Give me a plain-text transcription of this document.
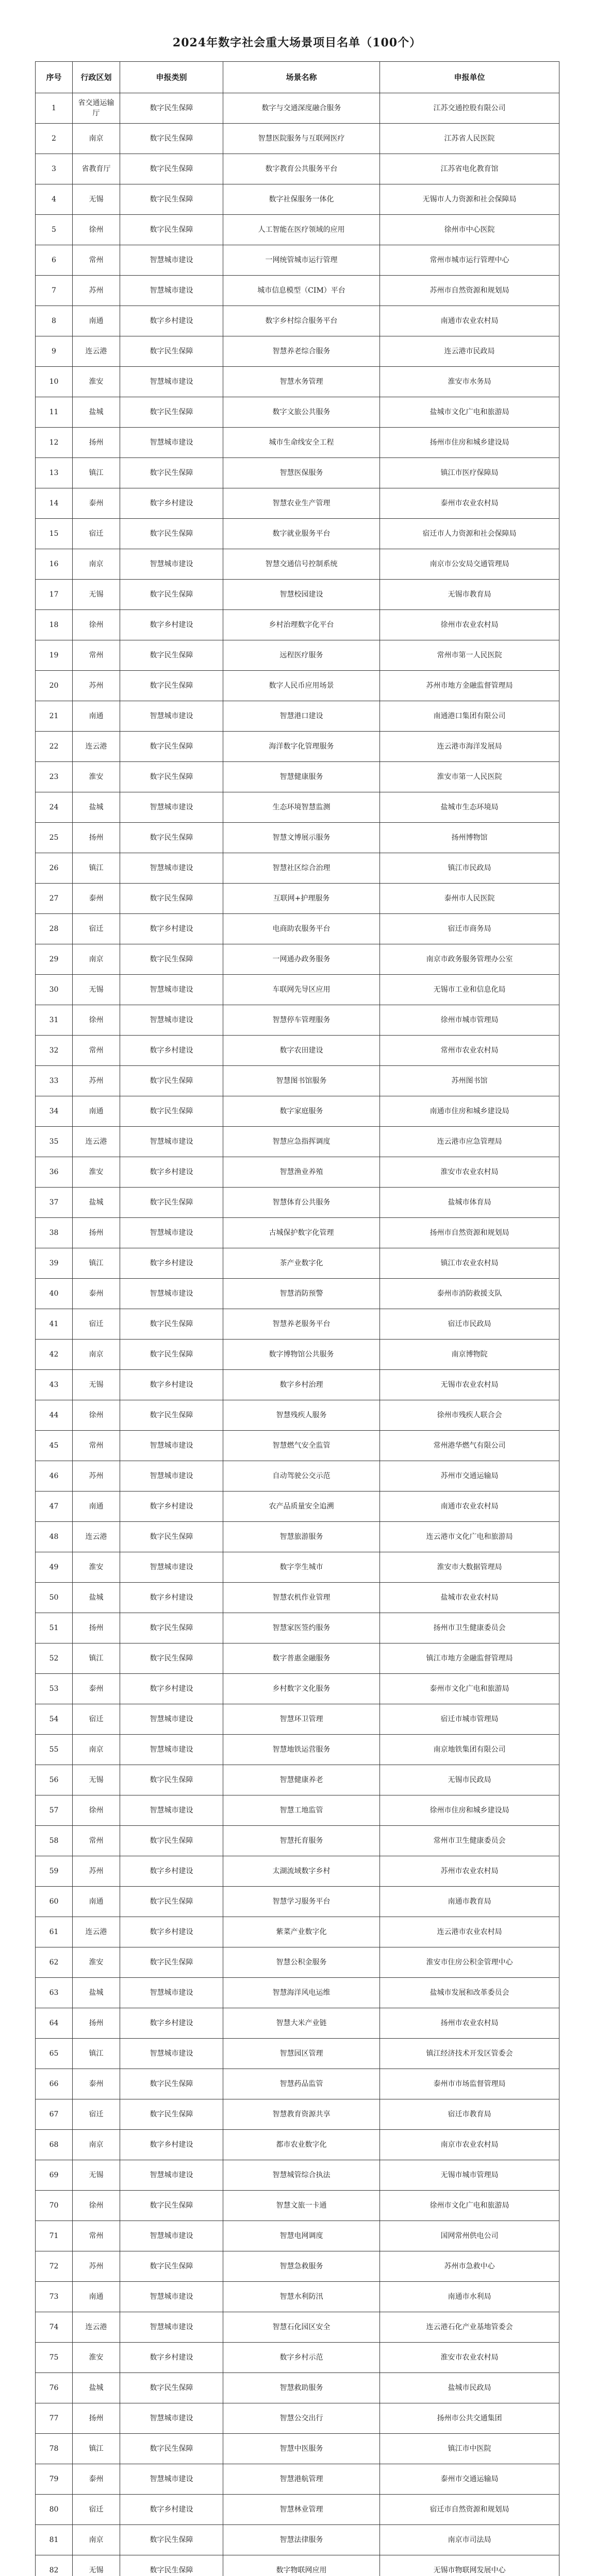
2024年数字社会重大场景项目名单（100个）
序号	行政区划	申报类别	场景名称	申报单位
1	省交通运输厅	数字民生保障	数字与交通深度融合服务	江苏交通控股有限公司
2	南京	数字民生保障	智慧医院服务与互联网医疗	江苏省人民医院
3	省教育厅	数字民生保障	数字教育公共服务平台	江苏省电化教育馆
4	无锡	数字民生保障	数字社保服务一体化	无锡市人力资源和社会保障局
5	徐州	数字民生保障	人工智能在医疗领域的应用	徐州市中心医院
6	常州	智慧城市建设	一网统管城市运行管理	常州市城市运行管理中心
7	苏州	智慧城市建设	城市信息模型（CIM）平台	苏州市自然资源和规划局
8	南通	数字乡村建设	数字乡村综合服务平台	南通市农业农村局
9	连云港	数字民生保障	智慧养老综合服务	连云港市民政局
10	淮安	智慧城市建设	智慧水务管理	淮安市水务局
11	盐城	数字民生保障	数字文旅公共服务	盐城市文化广电和旅游局
12	扬州	智慧城市建设	城市生命线安全工程	扬州市住房和城乡建设局
13	镇江	数字民生保障	智慧医保服务	镇江市医疗保障局
14	泰州	数字乡村建设	智慧农业生产管理	泰州市农业农村局
15	宿迁	数字民生保障	数字就业服务平台	宿迁市人力资源和社会保障局
16	南京	智慧城市建设	智慧交通信号控制系统	南京市公安局交通管理局
17	无锡	数字民生保障	智慧校园建设	无锡市教育局
18	徐州	数字乡村建设	乡村治理数字化平台	徐州市农业农村局
19	常州	数字民生保障	远程医疗服务	常州市第一人民医院
20	苏州	数字民生保障	数字人民币应用场景	苏州市地方金融监督管理局
21	南通	智慧城市建设	智慧港口建设	南通港口集团有限公司
22	连云港	数字民生保障	海洋数字化管理服务	连云港市海洋发展局
23	淮安	数字民生保障	智慧健康服务	淮安市第一人民医院
24	盐城	智慧城市建设	生态环境智慧监测	盐城市生态环境局
25	扬州	数字民生保障	智慧文博展示服务	扬州博物馆
26	镇江	智慧城市建设	智慧社区综合治理	镇江市民政局
27	泰州	数字民生保障	互联网+护理服务	泰州市人民医院
28	宿迁	数字乡村建设	电商助农服务平台	宿迁市商务局
29	南京	数字民生保障	一网通办政务服务	南京市政务服务管理办公室
30	无锡	智慧城市建设	车联网先导区应用	无锡市工业和信息化局
31	徐州	智慧城市建设	智慧停车管理服务	徐州市城市管理局
32	常州	数字乡村建设	数字农田建设	常州市农业农村局
33	苏州	数字民生保障	智慧图书馆服务	苏州图书馆
34	南通	数字民生保障	数字家庭服务	南通市住房和城乡建设局
35	连云港	智慧城市建设	智慧应急指挥调度	连云港市应急管理局
36	淮安	数字乡村建设	智慧渔业养殖	淮安市农业农村局
37	盐城	数字民生保障	智慧体育公共服务	盐城市体育局
38	扬州	智慧城市建设	古城保护数字化管理	扬州市自然资源和规划局
39	镇江	数字乡村建设	茶产业数字化	镇江市农业农村局
40	泰州	智慧城市建设	智慧消防预警	泰州市消防救援支队
41	宿迁	数字民生保障	智慧养老服务平台	宿迁市民政局
42	南京	数字民生保障	数字博物馆公共服务	南京博物院
43	无锡	数字乡村建设	数字乡村治理	无锡市农业农村局
44	徐州	数字民生保障	智慧残疾人服务	徐州市残疾人联合会
45	常州	智慧城市建设	智慧燃气安全监管	常州港华燃气有限公司
46	苏州	智慧城市建设	自动驾驶公交示范	苏州市交通运输局
47	南通	数字乡村建设	农产品质量安全追溯	南通市农业农村局
48	连云港	数字民生保障	智慧旅游服务	连云港市文化广电和旅游局
49	淮安	智慧城市建设	数字孪生城市	淮安市大数据管理局
50	盐城	数字乡村建设	智慧农机作业管理	盐城市农业农村局
51	扬州	数字民生保障	智慧家医签约服务	扬州市卫生健康委员会
52	镇江	数字民生保障	数字普惠金融服务	镇江市地方金融监督管理局
53	泰州	数字乡村建设	乡村数字文化服务	泰州市文化广电和旅游局
54	宿迁	智慧城市建设	智慧环卫管理	宿迁市城市管理局
55	南京	智慧城市建设	智慧地铁运营服务	南京地铁集团有限公司
56	无锡	数字民生保障	智慧健康养老	无锡市民政局
57	徐州	智慧城市建设	智慧工地监管	徐州市住房和城乡建设局
58	常州	数字民生保障	智慧托育服务	常州市卫生健康委员会
59	苏州	数字乡村建设	太湖流域数字乡村	苏州市农业农村局
60	南通	数字民生保障	智慧学习服务平台	南通市教育局
61	连云港	数字乡村建设	紫菜产业数字化	连云港市农业农村局
62	淮安	数字民生保障	智慧公积金服务	淮安市住房公积金管理中心
63	盐城	智慧城市建设	智慧海洋风电运维	盐城市发展和改革委员会
64	扬州	数字乡村建设	智慧大米产业链	扬州市农业农村局
65	镇江	智慧城市建设	智慧园区管理	镇江经济技术开发区管委会
66	泰州	数字民生保障	智慧药品监管	泰州市市场监督管理局
67	宿迁	数字民生保障	智慧教育资源共享	宿迁市教育局
68	南京	数字乡村建设	都市农业数字化	南京市农业农村局
69	无锡	智慧城市建设	智慧城管综合执法	无锡市城市管理局
70	徐州	数字民生保障	智慧文旅一卡通	徐州市文化广电和旅游局
71	常州	智慧城市建设	智慧电网调度	国网常州供电公司
72	苏州	数字民生保障	智慧急救服务	苏州市急救中心
73	南通	智慧城市建设	智慧水利防汛	南通市水利局
74	连云港	智慧城市建设	智慧石化园区安全	连云港石化产业基地管委会
75	淮安	数字乡村建设	数字乡村示范	淮安市农业农村局
76	盐城	数字民生保障	智慧救助服务	盐城市民政局
77	扬州	智慧城市建设	智慧公交出行	扬州市公共交通集团
78	镇江	数字民生保障	智慧中医服务	镇江市中医院
79	泰州	智慧城市建设	智慧港航管理	泰州市交通运输局
80	宿迁	数字乡村建设	智慧林业管理	宿迁市自然资源和规划局
81	南京	数字民生保障	智慧法律服务	南京市司法局
82	无锡	数字民生保障	数字物联网应用	无锡市物联网发展中心
